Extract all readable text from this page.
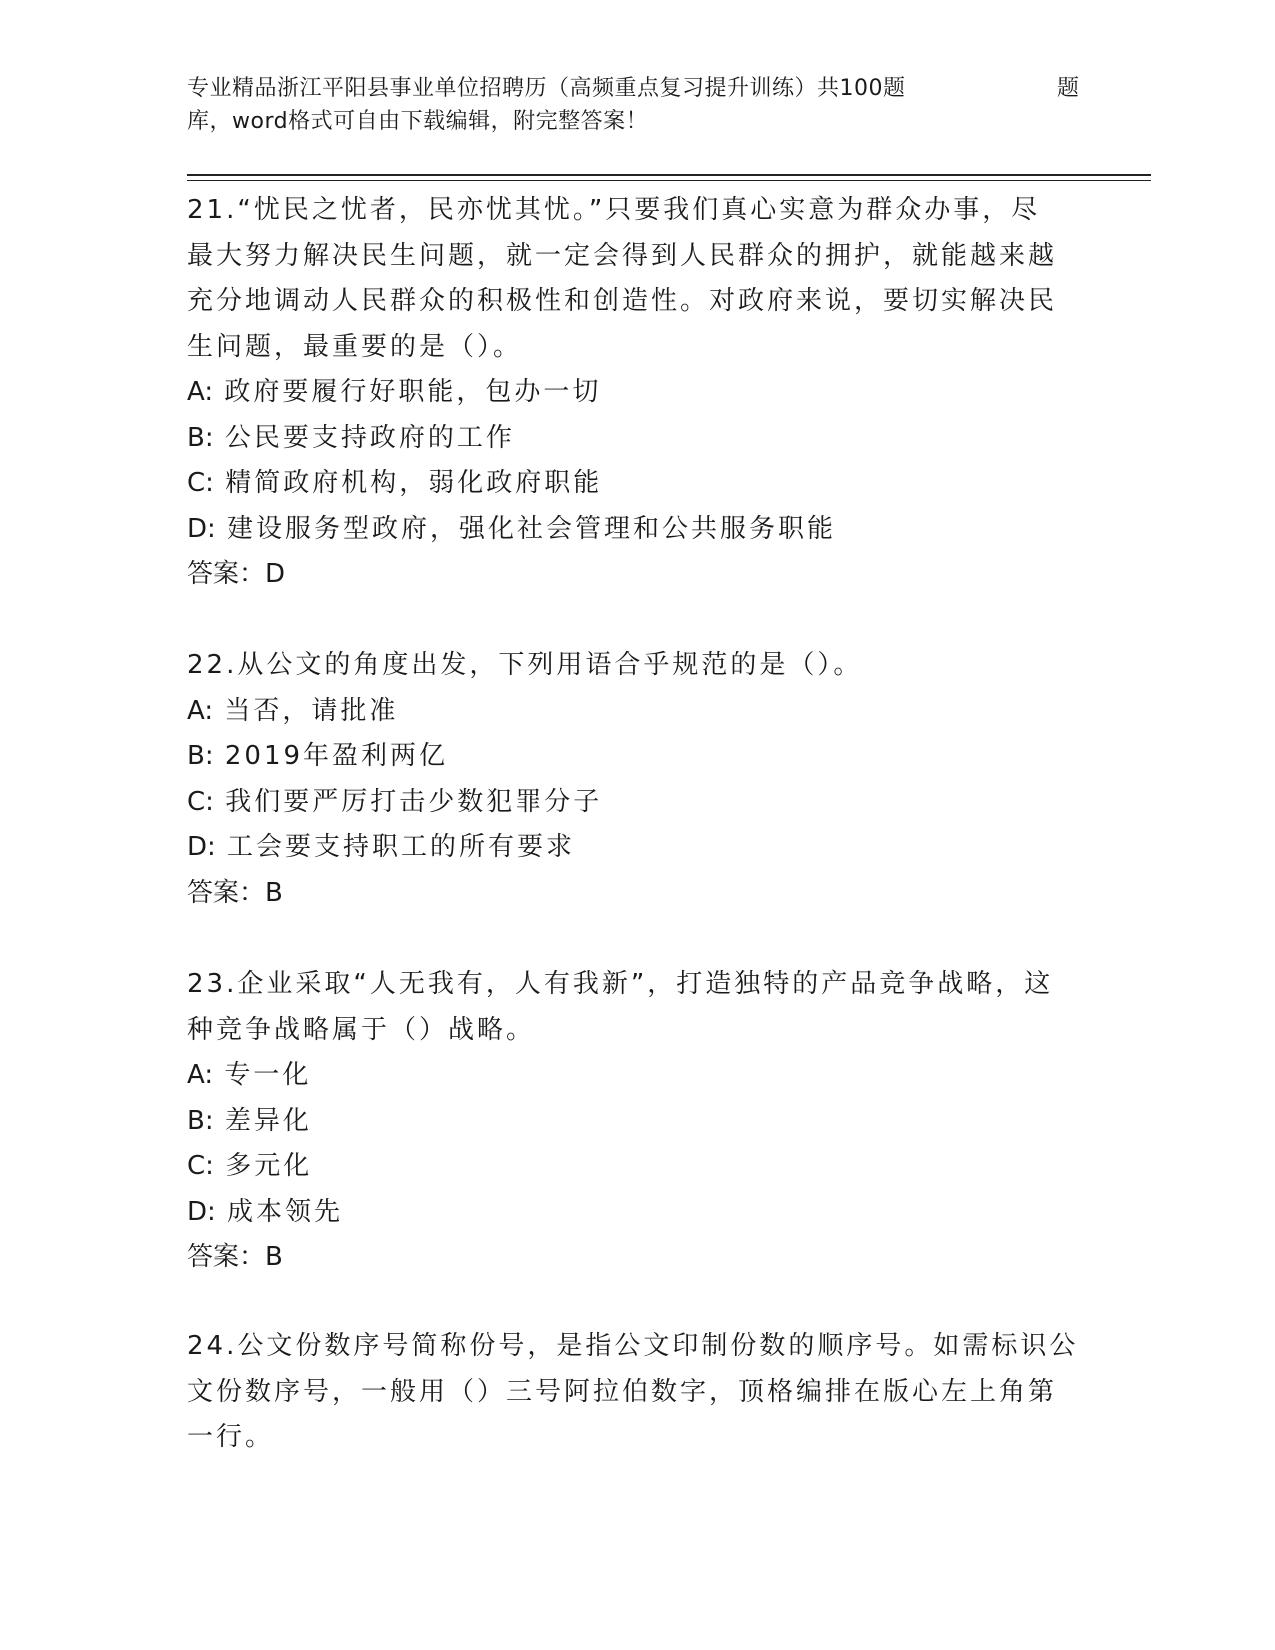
专业精品浙江平阳县事业单位招聘历（高频重点复习提升训练）共100题
库，word格式可自由下载编辑，附完整答案！
题
21.“忧民之忧者，民亦忧其忧。”只要我们真心实意为群众办事，尽
最大努力解决民生问题，就一定会得到人民群众的拥护，就能越来越
充分地调动人民群众的积极性和创造性。对政府来说，要切实解决民
生问题，最重要的是（）。
A: 政府要履行好职能，包办一切
B: 公民要支持政府的工作
C: 精简政府机构，弱化政府职能
D: 建设服务型政府，强化社会管理和公共服务职能
答案：D
22.从公文的角度出发，下列用语合乎规范的是（）。
A: 当否，请批准
B: 2019年盈利两亿
C: 我们要严厉打击少数犯罪分子
D: 工会要支持职工的所有要求
答案：B
23.企业采取“人无我有，人有我新”，打造独特的产品竞争战略，这
种竞争战略属于（）战略。
A: 专一化
B: 差异化
C: 多元化
D: 成本领先
答案：B
24.公文份数序号简称份号，是指公文印制份数的顺序号。如需标识公
文份数序号，一般用（）三号阿拉伯数字，顶格编排在版心左上角第
一行。
